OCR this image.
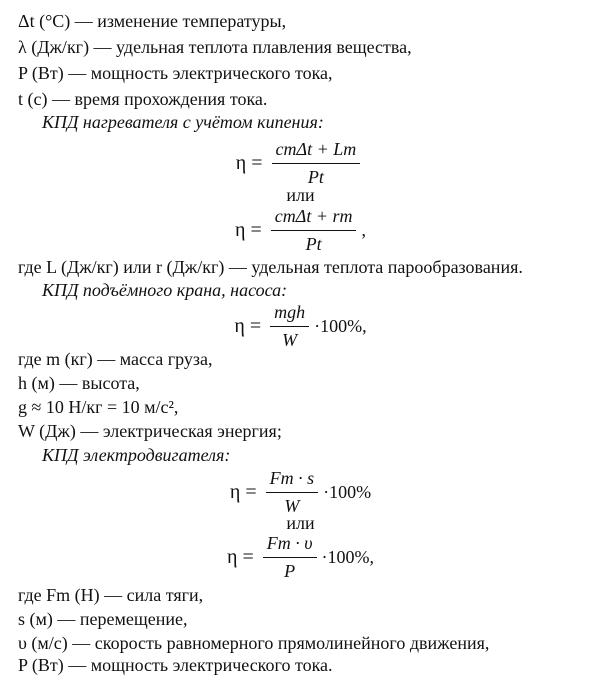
Δt (°С) — изменение температуры,
λ (Дж/кг) — удельная теплота плавления вещества,
P (Вт) — мощность электрического тока,
t (с) — время прохождения тока.
КПД нагревателя с учётом кипения:
$\eta = \frac{\text{cmΔt + Lm}}{Pt}$
или
$\eta = \frac{\text{cmΔt + rm}}{Pt}$ ,
где L (Дж/кг) или r (Дж/кг) — удельная теплота парообразования.
КПД подъёмного крана, насоса:
$\eta = \frac{\text{mgh}}{W} \cdot 100\%$,
где m (кг) — масса груза,
h (м) — высота,
g ≈ 10 Н/кг = 10 м/с²,
W (Дж) — электрическая энергия;
КПД электродвигателя:
$\eta = \frac{Fm \cdot s}{W} \cdot 100\%$
или
$\eta = \frac{Fm \cdot \upsilon}{P} \cdot 100\%$,
где Fm (Н) — сила тяги,
s (м) — перемещение,
υ (м/с) — скорость равномерного прямолинейного движения,
P (Вт) — мощность электрического тока.
